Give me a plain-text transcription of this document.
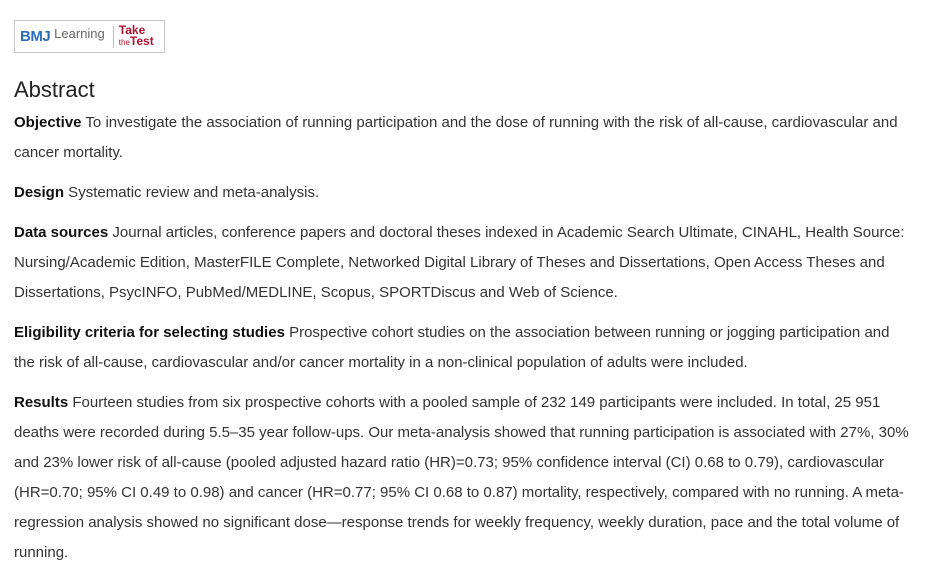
BMJ Learning Take
theTest
Abstract

Objective To investigate the association of running participation and the dose of running with the risk of all-cause, cardiovascular and cancer mortality.

Design Systematic review and meta-analysis.

Data sources Journal articles, conference papers and doctoral theses indexed in Academic Search Ultimate, CINAHL, Health Source: Nursing/Academic Edition, MasterFILE Complete, Networked Digital Library of Theses and Dissertations, Open Access Theses and Dissertations, PsycINFO, PubMed/MEDLINE, Scopus, SPORTDiscus and Web of Science.

Eligibility criteria for selecting studies Prospective cohort studies on the association between running or jogging participation and the risk of all-cause, cardiovascular and/or cancer mortality in a non-clinical population of adults were included.

Results Fourteen studies from six prospective cohorts with a pooled sample of 232 149 participants were included. In total, 25 951 deaths were recorded during 5.5–35 year follow-ups. Our meta-analysis showed that running participation is associated with 27%, 30% and 23% lower risk of all-cause (pooled adjusted hazard ratio (HR)=0.73; 95% confidence interval (CI) 0.68 to 0.79), cardiovascular (HR=0.70; 95% CI 0.49 to 0.98) and cancer (HR=0.77; 95% CI 0.68 to 0.87) mortality, respectively, compared with no running. A meta-regression analysis showed no significant dose—response trends for weekly frequency, weekly duration, pace and the total volume of running.
